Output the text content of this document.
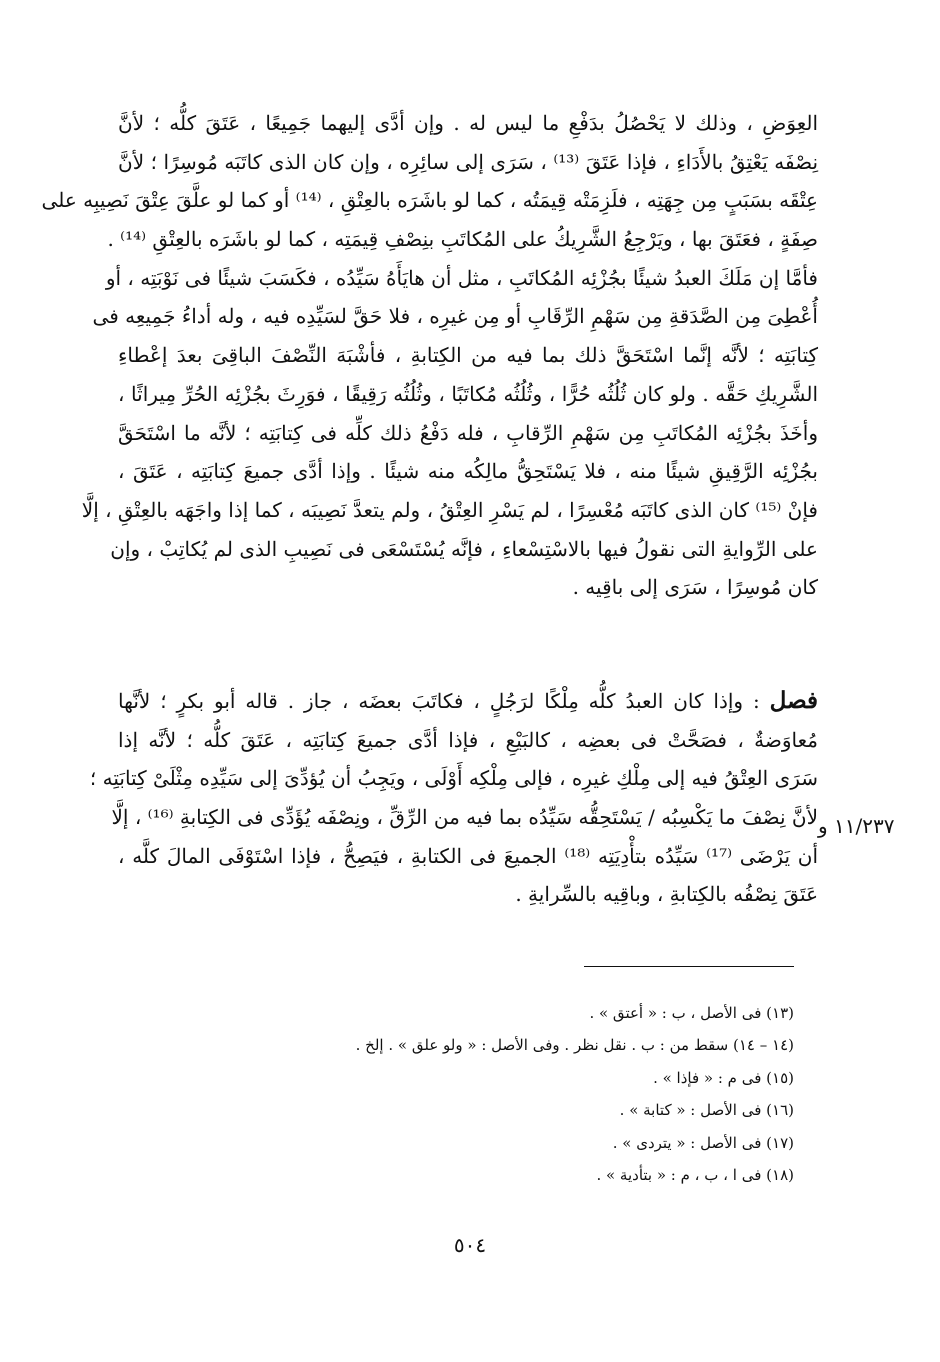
العِوَضِ ، وذلك لا يَحْصُلُ بدَفْعِ ما ليس له . وإن أدَّى إليهما جَمِيعًا ، عَتَقَ كلُّه ؛ لأنَّ
نِصْفَه يَعْتِقُ بالأَدَاءِ ، فإذا عَتَقَ ⁽¹³⁾ ، سَرَى إلى سائِرِه ، وإن كان الذى كاتَبَه مُوسِرًا ؛ لأنَّ
عِتْقَه بسَبَبٍ مِن جِهَتِه ، فلَزِمَتْه قِيمَتُه ، كما لو باشَرَه بالعِتْقِ ، ⁽¹⁴⁾ أو كما لو علَّقَ عِتْقَ نَصِيبِه على
صِفَةٍ ، فعَتَقَ بها ، ويَرْجِعُ الشَّرِيكُ على المُكاتَبِ بنِصْفِ قِيمَتِه ، كما لو باشَرَه بالعِتْقِ ⁽¹⁴⁾ .
فأمَّا إن مَلَكَ العبدُ شيئًا بجُزْئِه المُكاتَبِ ، مثل أن هايَأَهُ سَيِّدُه ، فكَسَبَ شيئًا فى نَوْبَتِه ، أو
أُعْطِىَ مِن الصَّدَقةِ مِن سَهْمِ الرِّقَابِ أو مِن غيرِه ، فلا حَقَّ لسَيِّدِه فيه ، وله أداءُ جَمِيعِه فى
كِتابَتِه ؛ لأنَّه إنَّما اسْتَحَقَّ ذلك بما فيه من الكِتابةِ ، فأشْبَهَ النِّصْفَ الباقِىَ بعدَ إعْطاءِ
الشَّرِيكِ حَقَّه . ولو كان ثُلُثُه حُرًّا ، وثُلُثُه مُكاتَبًا ، وثُلُثُه رَقِيقًا ، فوَرِثَ بجُزْئِه الحُرِّ مِيراثًا ،
وأخَذَ بجُزْئِه المُكاتَبِ مِن سَهْمِ الرِّقابِ ، فله دَفْعُ ذلك كلِّه فى كِتابَتِه ؛ لأنَّه ما اسْتَحَقَّ
بجُزْئِه الرَّقِيقِ شيئًا منه ، فلا يَسْتَحِقُّ مالِكُه منه شيئًا . وإذا أدَّى جميعَ كِتابَتِه ، عَتَقَ ،
فإنْ ⁽¹⁵⁾ كان الذى كاتَبَه مُعْسِرًا ، لم يَسْرِ العِتْقُ ، ولم يتعدَّ نَصِيبَه ، كما إذا واجَهَه بالعِتْقِ ، إلَّا
على الرِّوايةِ التى نقولُ فيها بالاسْتِسْعاءِ ، فإنَّه يُسْتَسْعَى فى نَصِيبِ الذى لم يُكاتِبْ ، وإن
كان مُوسِرًا ، سَرَى إلى باقِيه .
فصل : وإذا كان العبدُ كلُّه مِلْكًا لرَجُلٍ ، فكاتَبَ بعضَه ، جاز . قاله أبو بكرٍ ؛ لأنَّها
مُعاوَضةٌ ، فصَحَّتْ فى بعضِه ، كالبَيْعِ ، فإذا أدَّى جميعَ كِتابَتِه ، عَتَقَ كلُّه ؛ لأنَّه إذا
سَرَى العِتْقُ فيه إلى مِلْكِ غيرِه ، فإلى مِلْكِه أَوْلَى ، ويَجِبُ أن يُؤدِّىَ إلى سَيِّدِه مِثْلَىْ كِتابَتِه ؛
لأنَّ نِصْفَ ما يَكْسِبُه / يَسْتَحِقُّه سَيِّدُه بما فيه من الرِّقِّ ، ونِصْفَه يُؤَدِّى فى الكِتابةِ ⁽¹⁶⁾ ، إلَّا
أن يَرْضَى ⁽¹⁷⁾ سَيِّدُه بتأْدِيَتِه ⁽¹⁸⁾ الجميعَ فى الكتابةِ ، فيَصِحُّ ، فإذا اسْتَوْفَى المالَ كلَّه ،
عَتَقَ نِصْفُه بالكِتابةِ ، وباقِيه بالسِّرايةِ .
١١/٢٣٧ و
(١٣) فى الأصل ، ب : « أعتق » .
(١٤ – ١٤) سقط من : ب . نقل نظر . وفى الأصل : « ولو علق » . إلخ .
(١٥) فى م : « فإذا » .
(١٦) فى الأصل : « كتابة » .
(١٧) فى الأصل : « يتردى » .
(١٨) فى ا ، ب ، م : « بتأدية » .
٥٠٤
